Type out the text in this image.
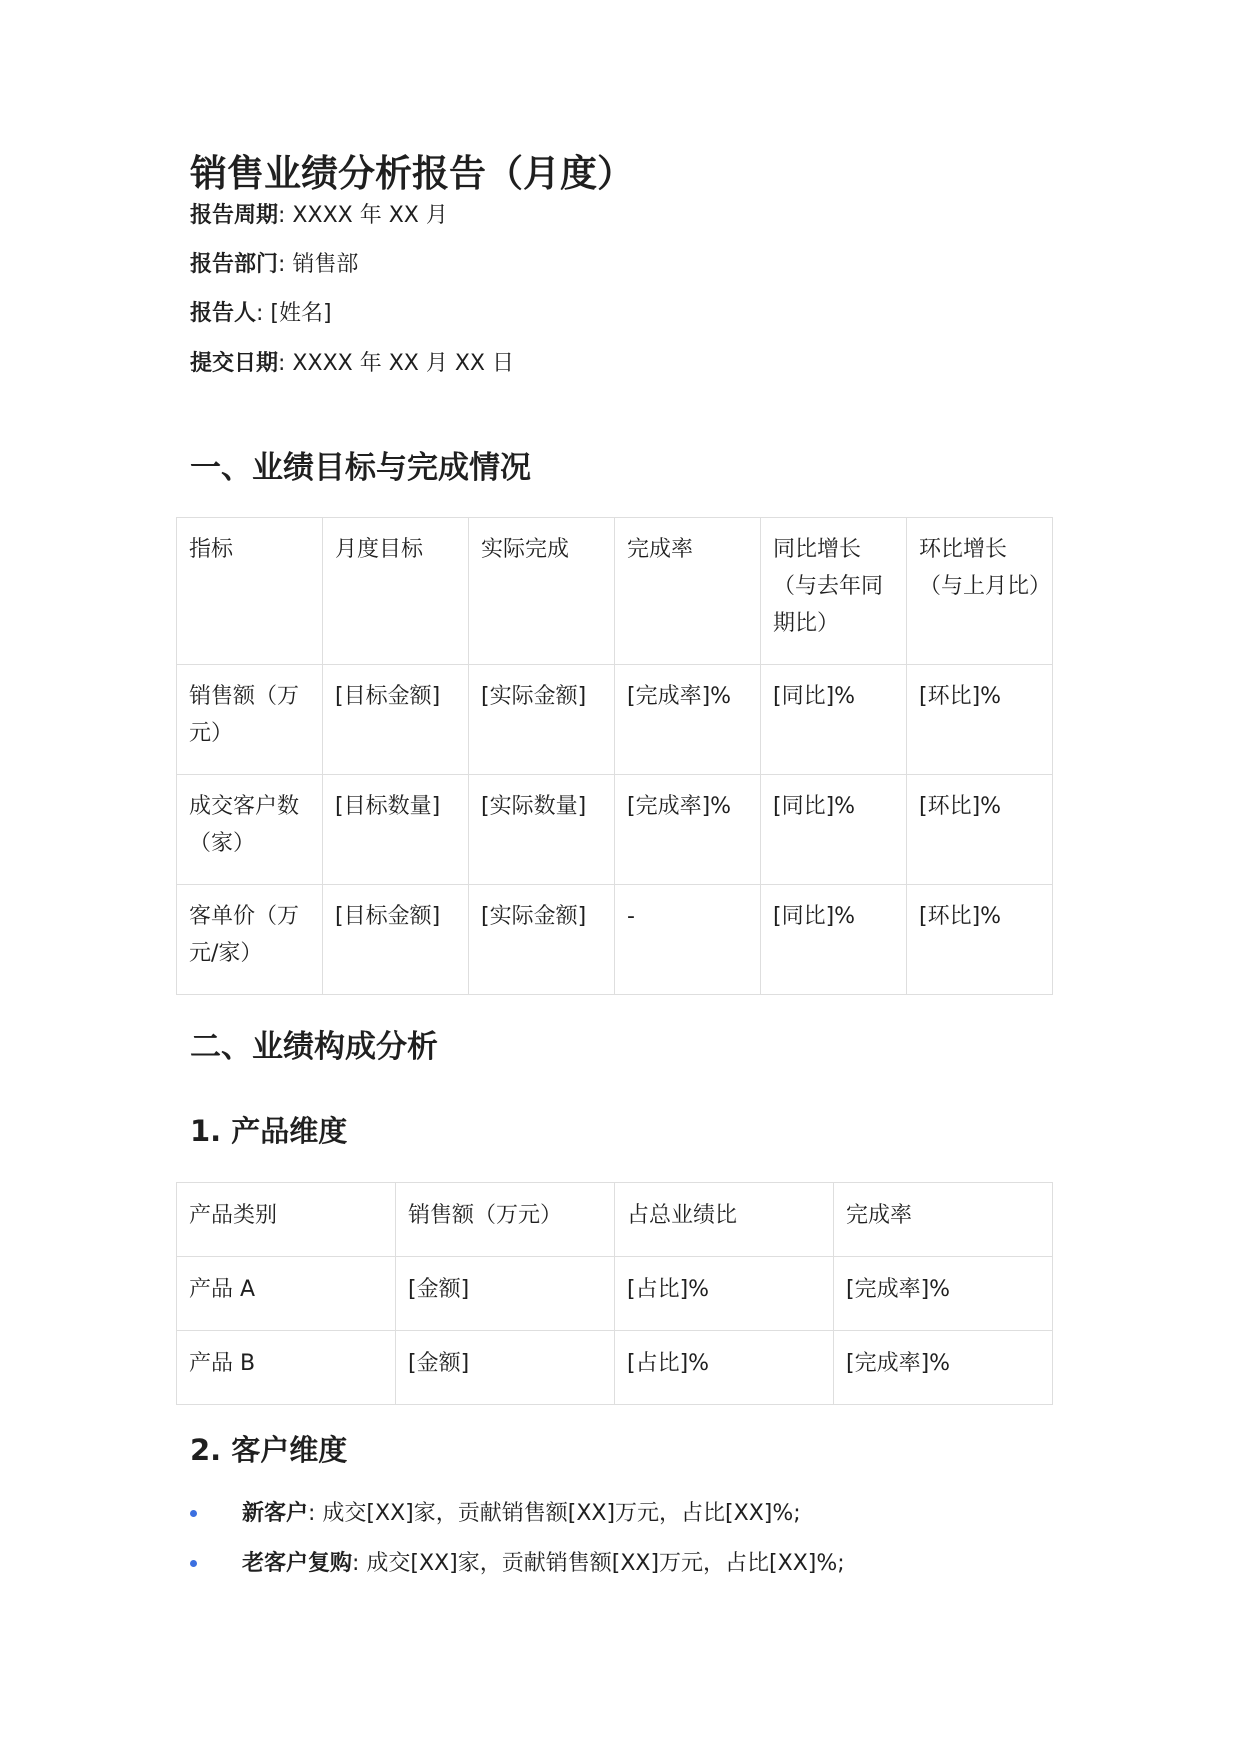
销售业绩分析报告（月度）
报告周期: XXXX 年 XX 月
报告部门: 销售部
报告人: [姓名]
提交日期: XXXX 年 XX 月 XX 日
一、业绩目标与完成情况
指标	月度目标	实际完成	完成率	同比增长（与去年同期比）	环比增长（与上月比）
销售额（万元）	[目标金额]	[实际金额]	[完成率]%	[同比]%	[环比]%
成交客户数（家）	[目标数量]	[实际数量]	[完成率]%	[同比]%	[环比]%
客单价（万元/家）	[目标金额]	[实际金额]	-	[同比]%	[环比]%
二、业绩构成分析
1. 产品维度
产品类别	销售额（万元）	占总业绩比	完成率
产品 A	[金额]	[占比]%	[完成率]%
产品 B	[金额]	[占比]%	[完成率]%
2. 客户维度
新客户: 成交[XX]家，贡献销售额[XX]万元，占比[XX]%;
老客户复购: 成交[XX]家，贡献销售额[XX]万元，占比[XX]%;
